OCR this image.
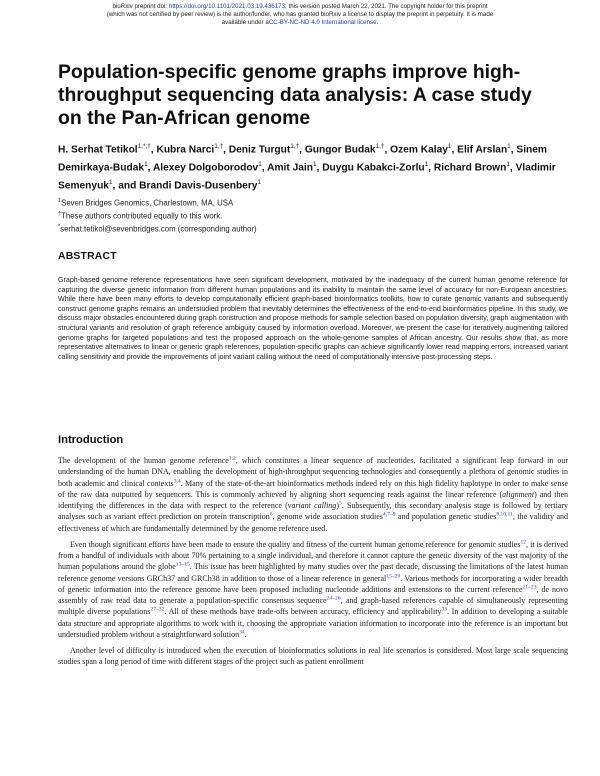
bioRxiv preprint doi: https://doi.org/10.1101/2021.03.19.436173; this version posted March 22, 2021. The copyright holder for this preprint
(which was not certified by peer review) is the author/funder, who has granted bioRxiv a license to display the preprint in perpetuity. It is made
available under aCC-BY-NC-ND 4.0 International license.
Population-specific genome graphs improve high-throughput sequencing data analysis: A case study on the Pan-African genome
H. Serhat Tetikol$^{1,*,\dagger}$, Kubra Narci$^{1,\dagger}$, Deniz Turgut$^{1,\dagger}$, Gungor Budak$^{1,\dagger}$, Ozem Kalay$^1$, Elif Arslan$^1$, Sinem Demirkaya-Budak$^1$, Alexey Dolgoborodov$^1$, Amit Jain$^1$, Duygu Kabakci-Zorlu$^1$, Richard Brown$^1$, Vladimir Semenyuk$^1$, and Brandi Davis-Dusenbery$^1$
$^1$Seven Bridges Genomics, Charlestown, MA, USA
†These authors contributed equally to this work.
*serhat.tetikol@sevenbridges.com (corresponding author)
ABSTRACT

Graph-based genome reference representations have seen significant development, motivated by the inadequacy of the current human genome reference for capturing the diverse genetic information from different human populations and its inability to maintain the same level of accuracy for non-European ancestries. While there have been many efforts to develop computationally efficient graph-based bioinformatics toolkits, how to curate genomic variants and subsequently construct genome graphs remains an understudied problem that inevitably determines the effectiveness of the end-to-end bioinformatics pipeline. In this study, we discuss major obstacles encountered during graph construction and propose methods for sample selection based on population diversity, graph augmentation with structural variants and resolution of graph reference ambiguity caused by information overload. Moreover, we present the case for iteratively augmenting tailored genome graphs for targeted populations and test the proposed approach on the whole-genome samples of African ancestry. Our results show that, as more representative alternatives to linear or generic graph references, population-specific graphs can achieve significantly lower read mapping errors, increased variant calling sensitivity and provide the improvements of joint variant calling without the need of computationally intensive post-processing steps.

Introduction

The development of the human genome reference$^{1,2}$, which constitutes a linear sequence of nucleotides, facilitated a significant leap forward in our understanding of the human DNA, enabling the development of high-throughput sequencing technologies and consequently a plethora of genomic studies in both academic and clinical contexts$^{3,4}$. Many of the state-of-the-art bioinformatics methods indeed rely on this high fidelity haplotype in order to make sense of the raw data outputted by sequencers. This is commonly achieved by aligning short sequencing reads against the linear reference (alignment) and then identifying the differences in the data with respect to the reference (variant calling)$^5$. Subsequently, this secondary analysis stage is followed by tertiary analyses such as variant effect prediction on protein transcription$^6$, genome wide association studies$^{4,7-9}$ and population genetic studies$^{8,10,11}$, the validity and effectiveness of which are fundamentally determined by the genome reference used.

Even though significant efforts have been made to ensure the quality and fitness of the current human genome reference for genomic studies$^{12}$, it is derived from a handful of individuals with about 70% pertaining to a single individual, and therefore it cannot capture the genetic diversity of the vast majority of the human populations around the globe$^{13-15}$. This issue has been highlighted by many studies over the past decade, discussing the limitations of the latest human reference genome versions GRCh37 and GRCh38 in addition to those of a linear reference in general$^{15-20}$. Various methods for incorporating a wider breadth of genetic information into the reference genome have been proposed including nucleotide additions and extensions to the current reference$^{21-23}$, de novo assembly of raw read data to generate a population-specific consensus sequence$^{24-26}$, and graph-based references capable of simultaneously representing multiple diverse populations$^{27-32}$. All of these methods have trade-offs between accuracy, efficiency and applicability$^{33}$. In addition to developing a suitable data structure and appropriate algorithms to work with it, choosing the appropriate variation information to incorporate into the reference is an important but understudied problem without a straightforward solution$^{34}$.

Another level of difficulty is introduced when the execution of bioinformatics solutions in real life scenarios is considered. Most large scale sequencing studies span a long period of time with different stages of the project such as patient enrollment
